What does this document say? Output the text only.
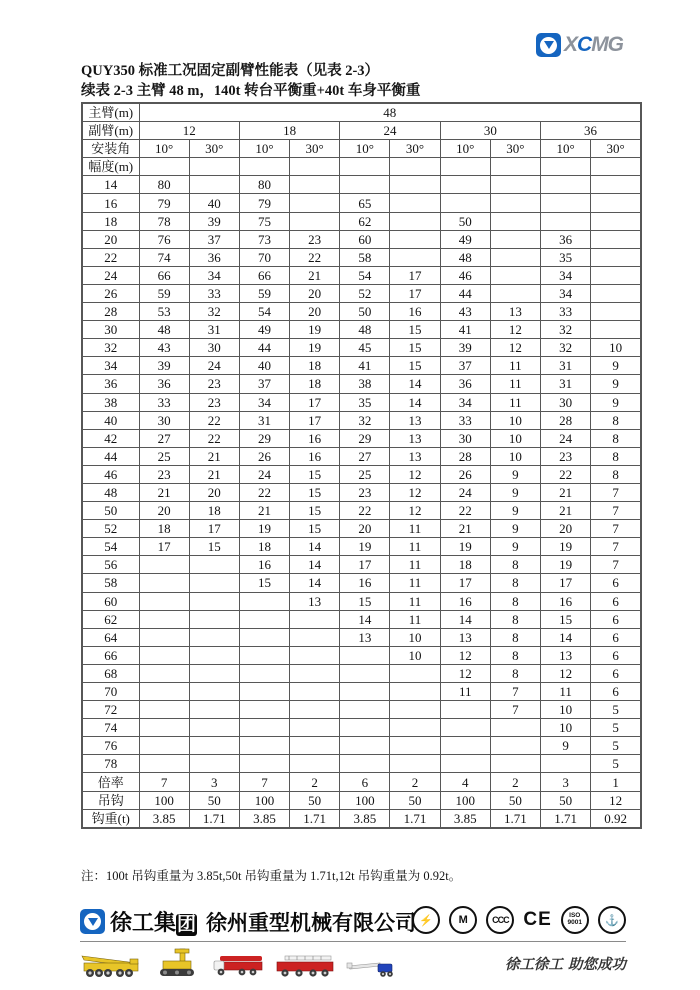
XCMG
QUY350 标准工况固定副臂性能表（见表 2-3）
续表 2-3 主臂 48 m，140t 转台平衡重+40t 车身平衡重
主臂(m)	48									
副臂(m)	12		18		24		30		36	
安装角	10°	30°	10°	30°	10°	30°	10°	30°	10°	30°
幅度(m)										
14	80		80							
16	79	40	79		65					
18	78	39	75		62		50			
20	76	37	73	23	60		49		36	
22	74	36	70	22	58		48		35	
24	66	34	66	21	54	17	46		34	
26	59	33	59	20	52	17	44		34	
28	53	32	54	20	50	16	43	13	33	
30	48	31	49	19	48	15	41	12	32	
32	43	30	44	19	45	15	39	12	32	10
34	39	24	40	18	41	15	37	11	31	9
36	36	23	37	18	38	14	36	11	31	9
38	33	23	34	17	35	14	34	11	30	9
40	30	22	31	17	32	13	33	10	28	8
42	27	22	29	16	29	13	30	10	24	8
44	25	21	26	16	27	13	28	10	23	8
46	23	21	24	15	25	12	26	9	22	8
48	21	20	22	15	23	12	24	9	21	7
50	20	18	21	15	22	12	22	9	21	7
52	18	17	19	15	20	11	21	9	20	7
54	17	15	18	14	19	11	19	9	19	7
56			16	14	17	11	18	8	19	7
58			15	14	16	11	17	8	17	6
60				13	15	11	16	8	16	6
62					14	11	14	8	15	6
64					13	10	13	8	14	6
66						10	12	8	13	6
68							12	8	12	6
70							11	7	11	6
72								7	10	5
74									10	5
76									9	5
78										5
倍率	7	3	7	2	6	2	4	2	3	1
吊钩	100	50	100	50	100	50	100	50	50	12
钩重(t)	3.85	1.71	3.85	1.71	3.85	1.71	3.85	1.71	1.71	0.92
注：100t 吊钩重量为 3.85t,50t 吊钩重量为 1.71t,12t 吊钩重量为 0.92t。
徐工集团 徐州重型机械有限公司 ⚡	M	CCC CE	ISO 9001	⚓
徐工徐工 助您成功
